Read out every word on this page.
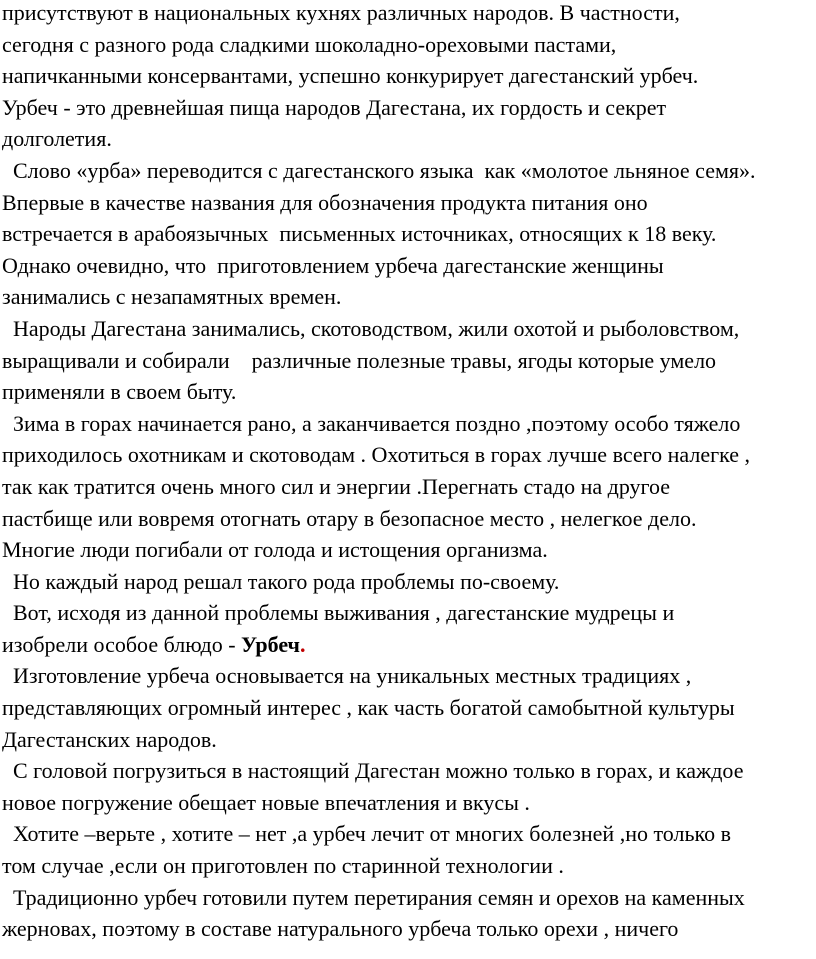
присутствуют в национальных кухнях различных народов. В частности,
сегодня с разного рода сладкими шоколадно-ореховыми пастами,
напичканными консервантами, успешно конкурирует дагестанский урбеч.
Урбеч - это древнейшая пища народов Дагестана, их гордость и секрет
долголетия.
Слово «урба» переводится с дагестанского языка  как «молотое льняное семя».
Впервые в качестве названия для обозначения продукта питания оно
встречается в арабоязычных  письменных источниках, относящих к 18 веку.
Однако очевидно, что  приготовлением урбеча дагестанские женщины
занимались с незапамятных времен.
Народы Дагестана занимались, скотоводством, жили охотой и рыболовством,
выращивали и собирали    различные полезные травы, ягоды которые умело
применяли в своем быту.
Зима в горах начинается рано, а заканчивается поздно ,поэтому особо тяжело
приходилось охотникам и скотоводам . Охотиться в горах лучше всего налегке ,
так как тратится очень много сил и энергии .Перегнать стадо на другое
пастбище или вовремя отогнать отару в безопасное место , нелегкое дело.
Многие люди погибали от голода и истощения организма.
Но каждый народ решал такого рода проблемы по-своему.
Вот, исходя из данной проблемы выживания , дагестанские мудрецы и
изобрели особое блюдо - Урбеч.
Изготовление урбеча основывается на уникальных местных традициях ,
представляющих огромный интерес , как часть богатой самобытной культуры
Дагестанских народов.
С головой погрузиться в настоящий Дагестан можно только в горах, и каждое
новое погружение обещает новые впечатления и вкусы .
Хотите –верьте , хотите – нет ,а урбеч лечит от многих болезней ,но только в
том случае ,если он приготовлен по старинной технологии .
Традиционно урбеч готовили путем перетирания семян и орехов на каменных
жерновах, поэтому в составе натурального урбеча только орехи , ничего
